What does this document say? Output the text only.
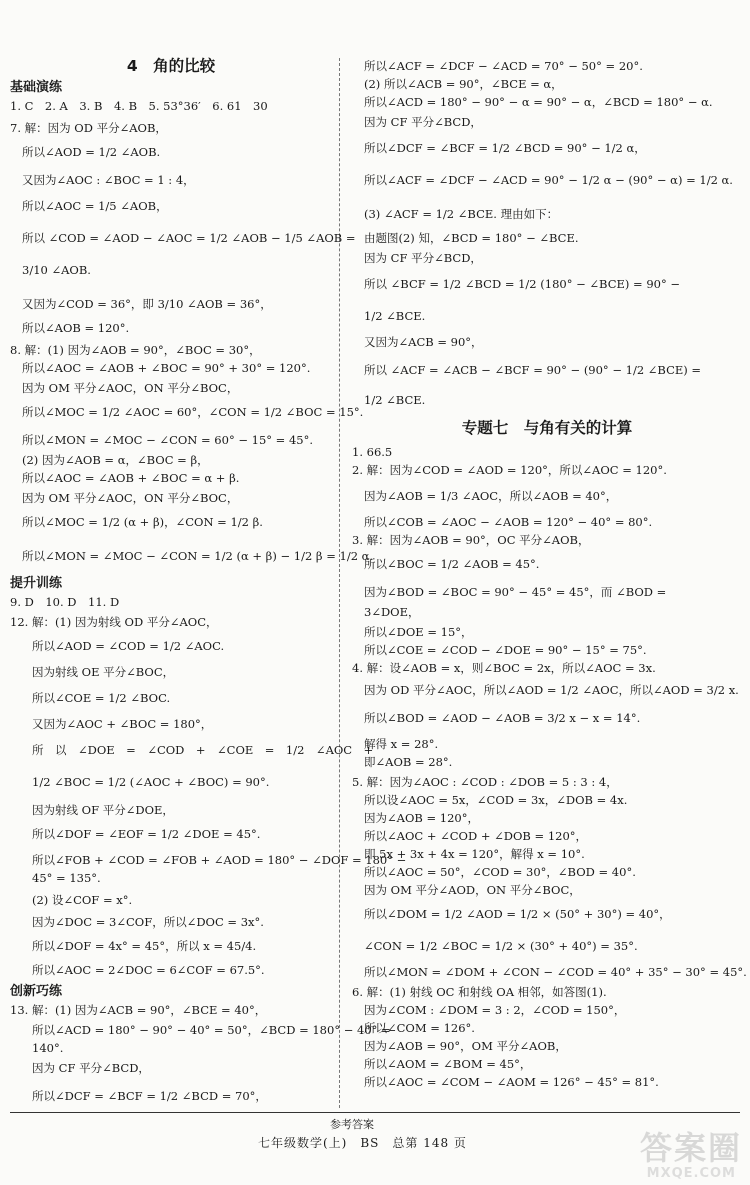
4　角的比较
基础演练
1. C　2. A　3. B　4. B　5. 53°36′　6. 61　30
7. 解：因为 OD 平分∠AOB，
所以∠AOD = 1/2 ∠AOB.
又因为∠AOC : ∠BOC = 1 : 4，
所以∠AOC = 1/5 ∠AOB，
所以 ∠COD = ∠AOD − ∠AOC = 1/2 ∠AOB − 1/5 ∠AOB =
3/10 ∠AOB.
又因为∠COD = 36°，即 3/10 ∠AOB = 36°，
所以∠AOB = 120°.
8. 解：(1) 因为∠AOB = 90°，∠BOC = 30°，
所以∠AOC = ∠AOB + ∠BOC = 90° + 30° = 120°.
因为 OM 平分∠AOC，ON 平分∠BOC，
所以∠MOC = 1/2 ∠AOC = 60°，∠CON = 1/2 ∠BOC = 15°.
所以∠MON = ∠MOC − ∠CON = 60° − 15° = 45°.
(2) 因为∠AOB = α，∠BOC = β，
所以∠AOC = ∠AOB + ∠BOC = α + β.
因为 OM 平分∠AOC，ON 平分∠BOC，
所以∠MOC = 1/2 (α + β)，∠CON = 1/2 β.
所以∠MON = ∠MOC − ∠CON = 1/2 (α + β) − 1/2 β = 1/2 α.
提升训练
9. D　10. D　11. D
12. 解：(1) 因为射线 OD 平分∠AOC，
所以∠AOD = ∠COD = 1/2 ∠AOC.
因为射线 OE 平分∠BOC，
所以∠COE = 1/2 ∠BOC.
又因为∠AOC + ∠BOC = 180°，
所　以　∠DOE　=　∠COD　+　∠COE　=　1/2　∠AOC　+
1/2 ∠BOC = 1/2 (∠AOC + ∠BOC) = 90°.
因为射线 OF 平分∠DOE，
所以∠DOF = ∠EOF = 1/2 ∠DOE = 45°.
所以∠FOB + ∠COD = ∠FOB + ∠AOD = 180° − ∠DOF = 180° −
45° = 135°.
(2) 设∠COF = x°.
因为∠DOC = 3∠COF，所以∠DOC = 3x°.
所以∠DOF = 4x° = 45°，所以 x = 45/4.
所以∠AOC = 2∠DOC = 6∠COF = 67.5°.
创新巧练
13. 解：(1) 因为∠ACB = 90°，∠BCE = 40°，
所以∠ACD = 180° − 90° − 40° = 50°，∠BCD = 180° − 40° =
140°.
因为 CF 平分∠BCD，
所以∠DCF = ∠BCF = 1/2 ∠BCD = 70°，
所以∠ACF = ∠DCF − ∠ACD = 70° − 50° = 20°.
(2) 所以∠ACB = 90°，∠BCE = α，
所以∠ACD = 180° − 90° − α = 90° − α，∠BCD = 180° − α.
因为 CF 平分∠BCD，
所以∠DCF = ∠BCF = 1/2 ∠BCD = 90° − 1/2 α，
所以∠ACF = ∠DCF − ∠ACD = 90° − 1/2 α − (90° − α) = 1/2 α.
(3) ∠ACF = 1/2 ∠BCE. 理由如下：
由题图(2) 知，∠BCD = 180° − ∠BCE.
因为 CF 平分∠BCD，
所以 ∠BCF = 1/2 ∠BCD = 1/2 (180° − ∠BCE) = 90° −
1/2 ∠BCE.
又因为∠ACB = 90°，
所以 ∠ACF = ∠ACB − ∠BCF = 90° − (90° − 1/2 ∠BCE) =
1/2 ∠BCE.
专题七　与角有关的计算
1. 66.5
2. 解：因为∠COD = ∠AOD = 120°，所以∠AOC = 120°.
因为∠AOB = 1/3 ∠AOC，所以∠AOB = 40°，
所以∠COB = ∠AOC − ∠AOB = 120° − 40° = 80°.
3. 解：因为∠AOB = 90°，OC 平分∠AOB，
所以∠BOC = 1/2 ∠AOB = 45°.
因为∠BOD = ∠BOC = 90° − 45° = 45°，而 ∠BOD =
3∠DOE，
所以∠DOE = 15°，
所以∠COE = ∠COD − ∠DOE = 90° − 15° = 75°.
4. 解：设∠AOB = x，则∠BOC = 2x，所以∠AOC = 3x.
因为 OD 平分∠AOC，所以∠AOD = 1/2 ∠AOC，所以∠AOD = 3/2 x.
所以∠BOD = ∠AOD − ∠AOB = 3/2 x − x = 14°.
解得 x = 28°.
即∠AOB = 28°.
5. 解：因为∠AOC : ∠COD : ∠DOB = 5 : 3 : 4，
所以设∠AOC = 5x，∠COD = 3x，∠DOB = 4x.
因为∠AOB = 120°，
所以∠AOC + ∠COD + ∠DOB = 120°，
即 5x + 3x + 4x = 120°，解得 x = 10°.
所以∠AOC = 50°，∠COD = 30°，∠BOD = 40°.
因为 OM 平分∠AOD，ON 平分∠BOC，
所以∠DOM = 1/2 ∠AOD = 1/2 × (50° + 30°) = 40°，
∠CON = 1/2 ∠BOC = 1/2 × (30° + 40°) = 35°.
所以∠MON = ∠DOM + ∠CON − ∠COD = 40° + 35° − 30° = 45°.
6. 解：(1) 射线 OC 和射线 OA 相邻，如答图(1).
因为∠COM : ∠DOM = 3 : 2，∠COD = 150°，
所以∠COM = 126°.
因为∠AOB = 90°，OM 平分∠AOB，
所以∠AOM = ∠BOM = 45°，
所以∠AOC = ∠COM − ∠AOM = 126° − 45° = 81°.
参考答案
七年级数学(上)　BS　总第 148 页	答案圈
MXQE.COM
